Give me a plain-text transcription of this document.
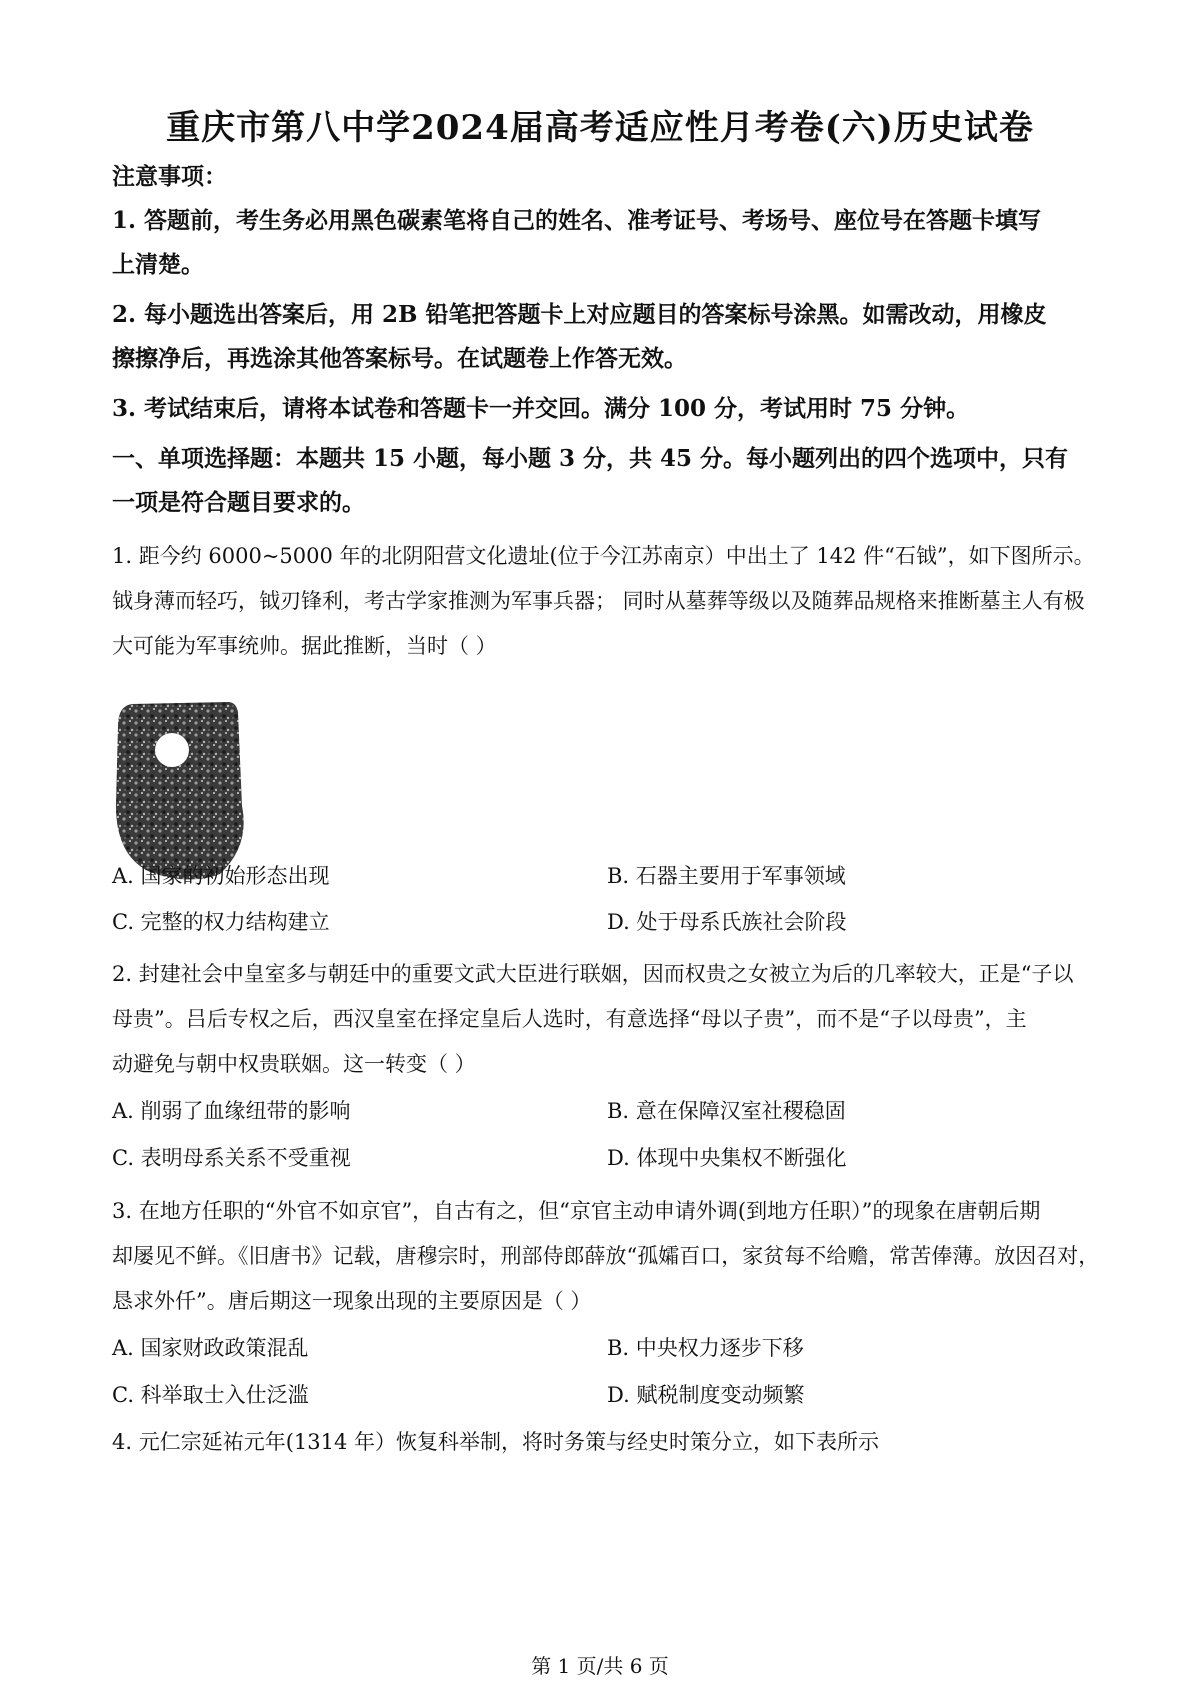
重庆市第八中学2024届高考适应性月考卷(六)历史试卷
注意事项：
1. 答题前，考生务必用黑色碳素笔将自己的姓名、准考证号、考场号、座位号在答题卡填写
上清楚。
2. 每小题选出答案后，用 2B 铅笔把答题卡上对应题目的答案标号涂黑。如需改动，用橡皮
擦擦净后，再选涂其他答案标号。在试题卷上作答无效。
3. 考试结束后，请将本试卷和答题卡一并交回。满分 100 分，考试用时 75 分钟。
一、单项选择题：本题共 15 小题，每小题 3 分，共 45 分。每小题列出的四个选项中，只有
一项是符合题目要求的。
1. 距今约 6000~5000 年的北阴阳营文化遗址(位于今江苏南京）中出土了 142 件“石钺”，如下图所示。
钺身薄而轻巧，钺刃锋利，考古学家推测为军事兵器； 同时从墓葬等级以及随葬品规格来推断墓主人有极
大可能为军事统帅。据此推断，当时（ ）
A. 国家的初始形态出现	B. 石器主要用于军事领域
C. 完整的权力结构建立	D. 处于母系氏族社会阶段
2. 封建社会中皇室多与朝廷中的重要文武大臣进行联姻，因而权贵之女被立为后的几率较大，正是“子以
母贵”。吕后专权之后，西汉皇室在择定皇后人选时，有意选择“母以子贵”，而不是“子以母贵”，主
动避免与朝中权贵联姻。这一转变（ ）
A. 削弱了血缘纽带的影响	B. 意在保障汉室社稷稳固
C. 表明母系关系不受重视	D. 体现中央集权不断强化
3. 在地方任职的“外官不如京官”，自古有之，但“京官主动申请外调(到地方任职）”的现象在唐朝后期
却屡见不鲜。《旧唐书》记载，唐穆宗时，刑部侍郎薛放“孤孀百口，家贫每不给赡，常苦俸薄。放因召对，
恳求外仟”。唐后期这一现象出现的主要原因是（ ）
A. 国家财政政策混乱	B. 中央权力逐步下移
C. 科举取士入仕泛滥	D. 赋税制度变动频繁
4. 元仁宗延祐元年(1314 年）恢复科举制，将时务策与经史时策分立，如下表所示
第 1 页/共 6 页
